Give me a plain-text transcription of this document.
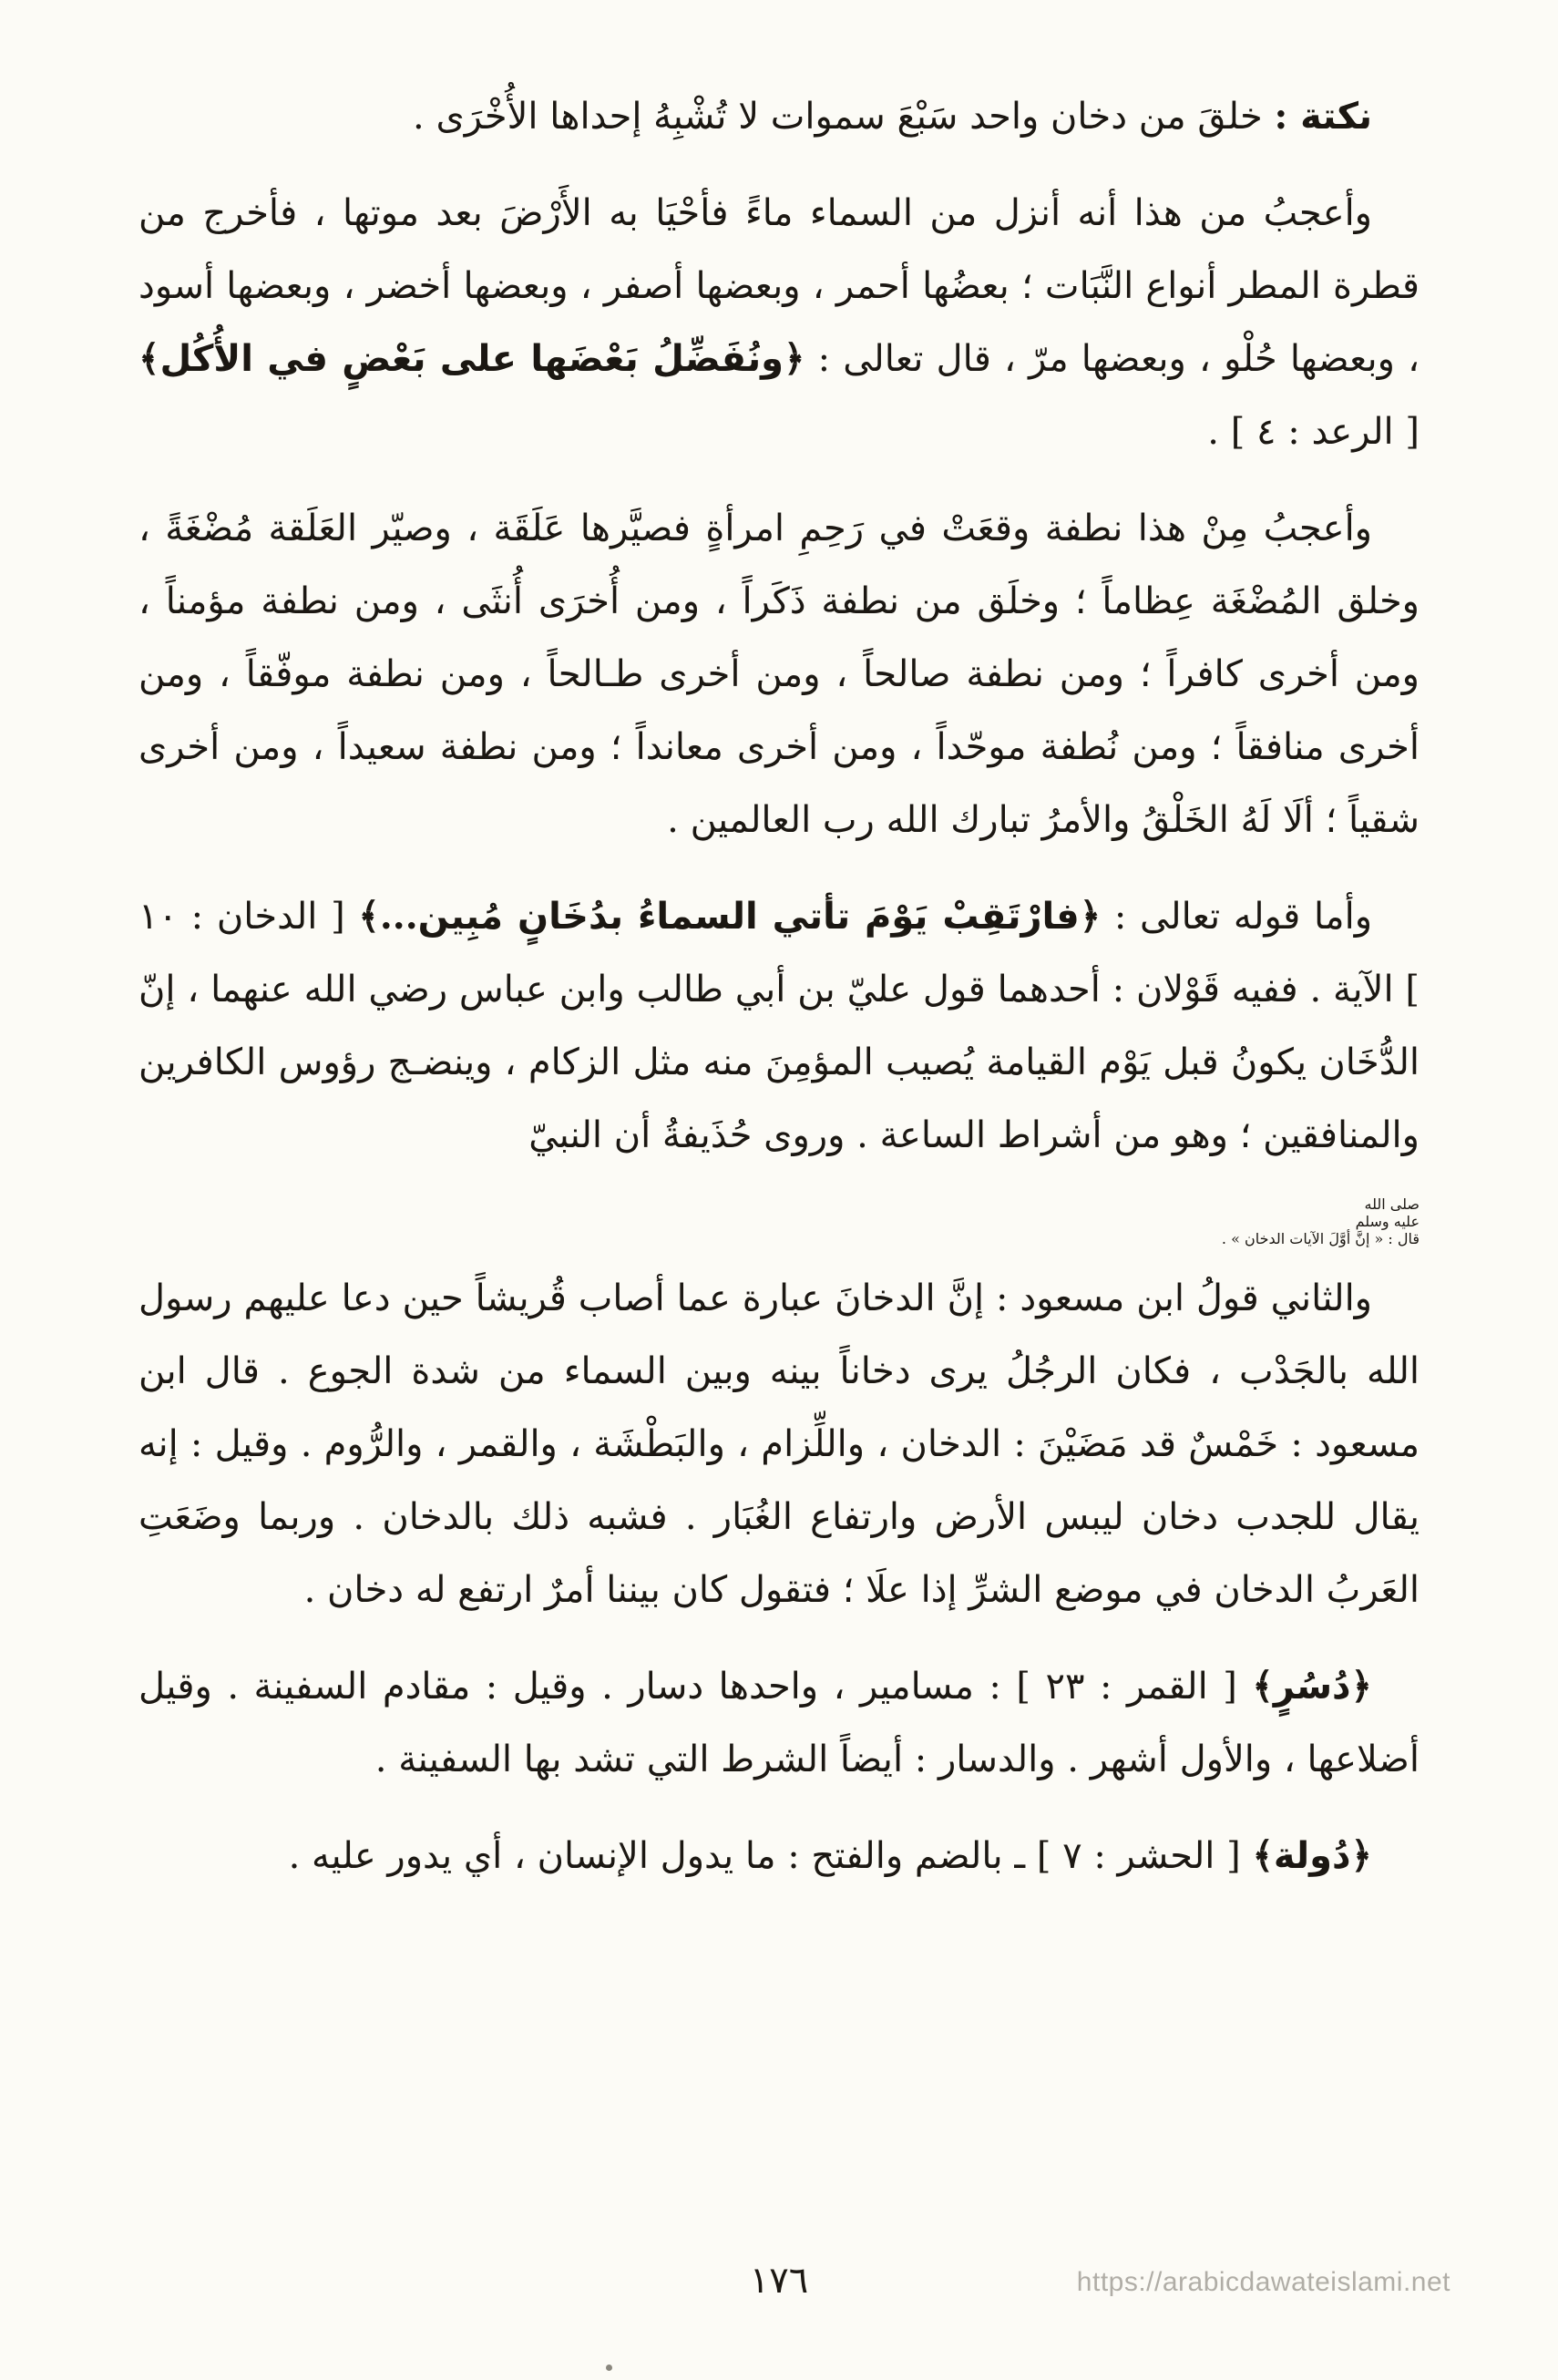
نكتة : خلقَ من دخان واحد سَبْعَ سموات لا تُشْبِهُ إحداها الأُخْرَى .

وأعجبُ من هذا أنه أنزل من السماء ماءً فأحْيَا به الأَرْضَ بعد موتها ، فأخرج من قطرة المطر أنواع النَّبَات ؛ بعضُها أحمر ، وبعضها أصفر ، وبعضها أخضر ، وبعضها أسود ، وبعضها حُلْو ، وبعضها مرّ ، قال تعالى : ﴿ونُفَضِّلُ بَعْضَها على بَعْضٍ في الأُكُل﴾ [ الرعد : ٤ ] .

وأعجبُ مِنْ هذا نطفة وقعَتْ في رَحِمِ امرأةٍ فصيَّرها عَلَقَة ، وصيّر العَلَقة مُضْغَةً ، وخلق المُضْغَة عِظاماً ؛ وخلَق من نطفة ذَكَراً ، ومن أُخرَى أُنثَى ، ومن نطفة مؤمناً ، ومن أخرى كافراً ؛ ومن نطفة صالحاً ، ومن أخرى طـالحاً ، ومن نطفة موفّقاً ، ومن أخرى منافقاً ؛ ومن نُطفة موحّداً ، ومن أخرى معانداً ؛ ومن نطفة سعيداً ، ومن أخرى شقياً ؛ ألَا لَهُ الخَلْقُ والأمرُ تبارك الله رب العالمين .

وأما قوله تعالى : ﴿فارْتَقِبْ يَوْمَ تأتي السماءُ بدُخَانٍ مُبِين...﴾ [ الدخان : ١٠ ] الآية . ففيه قَوْلان : أحدهما قول عليّ بن أبي طالب وابن عباس رضي الله عنهما ، إنّ الدُّخَان يكونُ قبل يَوْم القيامة يُصيب المؤمِنَ منه مثل الزكام ، وينضـج رؤوس الكافرين والمنافقين ؛ وهو من أشراط الساعة . وروى حُذَيفةُ أن النبيّ

صلى الله
عليه وسلم
قال : « إنَّ أوَّلَ الآيات الدخان » .

والثاني قولُ ابن مسعود : إنَّ الدخانَ عبارة عما أصاب قُريشاً حين دعا عليهم رسول الله بالجَدْب ، فكان الرجُلُ يرى دخاناً بينه وبين السماء من شدة الجوع . قال ابن مسعود : خَمْسٌ قد مَضَيْنَ : الدخان ، واللِّزام ، والبَطْشَة ، والقمر ، والرُّوم . وقيل : إنه يقال للجدب دخان ليبس الأرض وارتفاع الغُبَار . فشبه ذلك بالدخان . وربما وضَعَتِ العَربُ الدخان في موضع الشرِّ إذا علَا ؛ فتقول كان بيننا أمرٌ ارتفع له دخان .

﴿دُسُرٍ﴾ [ القمر : ٢٣ ] : مسامير ، واحدها دسار . وقيل : مقادم السفينة . وقيل أضلاعها ، والأول أشهر . والدسار : أيضاً الشرط التي تشد بها السفينة .

﴿دُولة﴾ [ الحشر : ٧ ] ـ بالضم والفتح : ما يدول الإنسان ، أي يدور عليه .

١٧٦	https://arabicdawateislami.net
